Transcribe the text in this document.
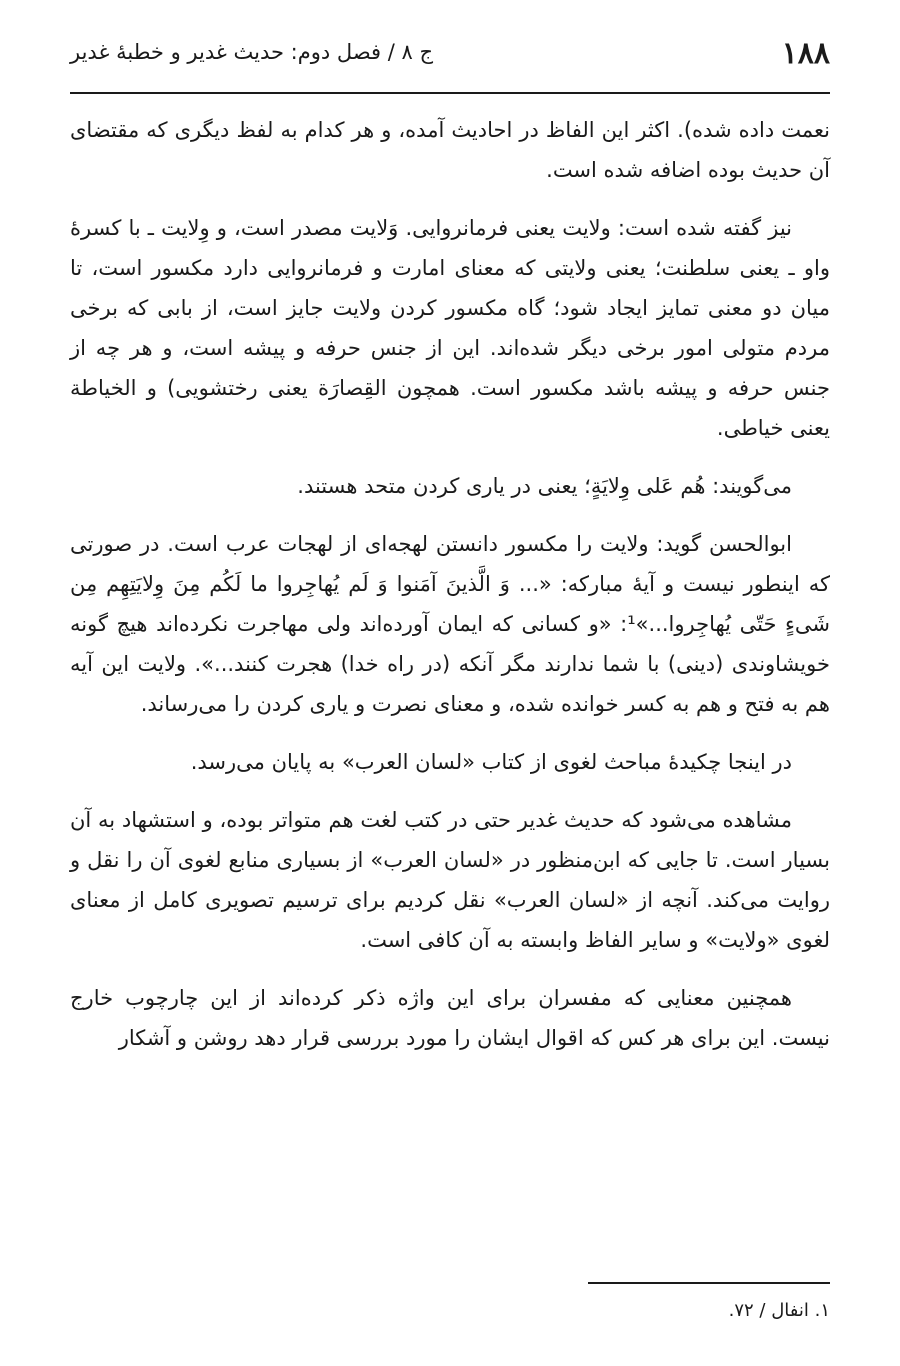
۱۸۸
ج ۸ / فصل دوم: حدیث غدیر و خطبهٔ غدیر

نعمت داده شده). اکثر این الفاظ در احادیث آمده، و هر کدام به لفظ دیگری که مقتضای آن حدیث بوده اضافه شده است.

نیز گفته شده است: ولایت یعنی فرمانروایی. وَلایت مصدر است، و وِلایت ـ با کسرهٔ واو ـ یعنی سلطنت؛ یعنی ولایتی که معنای امارت و فرمانروایی دارد مکسور است، تا میان دو معنی تمایز ایجاد شود؛ گاه مکسور کردن ولایت جایز است، از بابی که برخی مردم متولی امور برخی دیگر شده‌اند. این از جنس حرفه و پیشه است، و هر چه از جنس حرفه و پیشه باشد مکسور است. همچون القِصارَة یعنی رختشویی) و الخیاطة یعنی خیاطی.

می‌گویند: هُم عَلی وِلایَةٍ؛ یعنی در یاری کردن متحد هستند.

ابوالحسن گوید: ولایت را مکسور دانستن لهجه‌ای از لهجات عرب است. در صورتی که اینطور نیست و آیهٔ مبارکه: «... وَ الَّذینَ آمَنوا وَ لَم یُهاجِروا ما لَکُم مِنَ وِلایَتِهِم مِن شَیءٍ حَتّی یُهاجِروا...»¹: «و کسانی که ایمان آورده‌اند ولی مهاجرت نکرده‌اند هیچ گونه خویشاوندی (دینی) با شما ندارند مگر آنکه (در راه خدا) هجرت کنند...». ولایت این آیه هم به فتح و هم به کسر خوانده شده، و معنای نصرت و یاری کردن را می‌رساند.

در اینجا چکیدهٔ مباحث لغوی از کتاب «لسان العرب» به پایان می‌رسد.

مشاهده می‌شود که حدیث غدیر حتی در کتب لغت هم متواتر بوده، و استشهاد به آن بسیار است. تا جایی که ابن‌منظور در «لسان العرب» از بسیاری منابع لغوی آن را نقل و روایت می‌کند. آنچه از «لسان العرب» نقل کردیم برای ترسیم تصویری کامل از معنای لغوی «ولایت» و سایر الفاظ وابسته به آن کافی است.

همچنین معنایی که مفسران برای این واژه ذکر کرده‌اند از این چارچوب خارج نیست. این برای هر کس که اقوال ایشان را مورد بررسی قرار دهد روشن و آشکار

۱. انفال / ۷۲.
